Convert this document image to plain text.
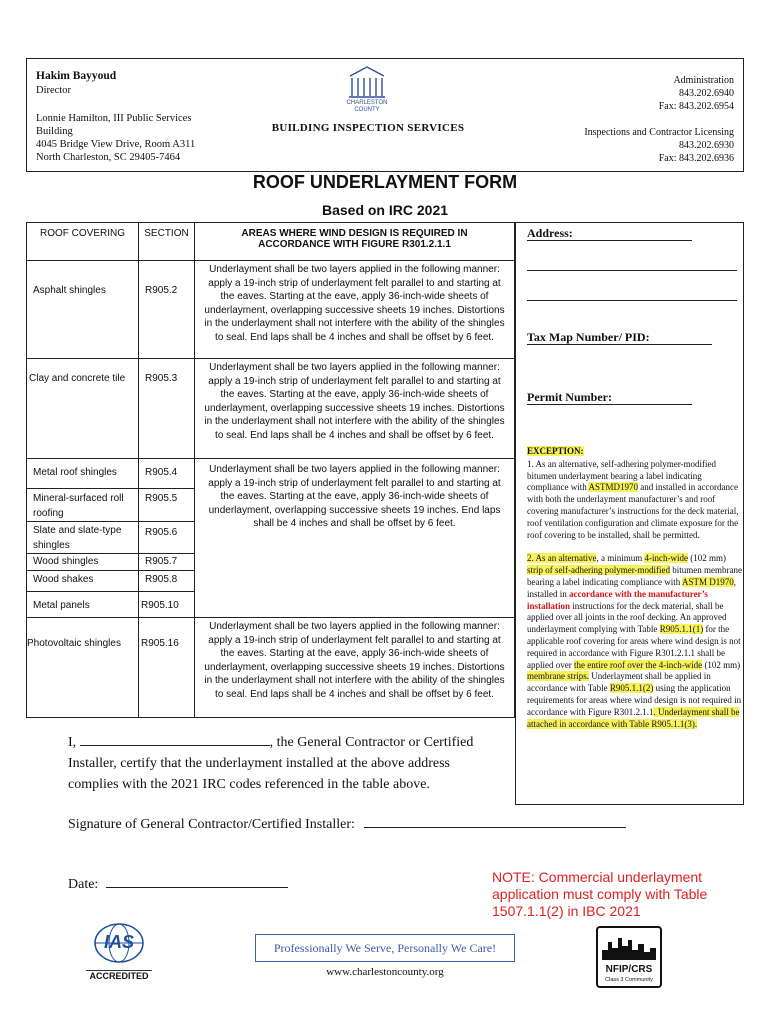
Hakim Bayyoud
Director
Lonnie Hamilton, III Public Services
Building
4045 Bridge View Drive, Room A311
North Charleston, SC 29405-7464
CHARLESTON COUNTY
BUILDING INSPECTION SERVICES
Administration
843.202.6940
Fax: 843.202.6954

Inspections and Contractor Licensing
843.202.6930
Fax: 843.202.6936
ROOF UNDERLAYMENT FORM
Based on IRC 2021
ROOF COVERING	SECTION	AREAS WHERE WIND DESIGN IS REQUIRED IN ACCORDANCE WITH FIGURE R301.2.1.1
Asphalt shingles	R905.2	Underlayment shall be two layers applied in the following manner: apply a 19-inch strip of underlayment felt parallel to and starting at the eaves. Starting at the eave, apply 36-inch-wide sheets of underlayment, overlapping successive sheets 19 inches. Distortions in the underlayment shall not interfere with the ability of the shingles to seal. End laps shall be 4 inches and shall be offset by 6 feet.
Clay and concrete tile	R905.3	Underlayment shall be two layers applied in the following manner: apply a 19-inch strip of underlayment felt parallel to and starting at the eaves. Starting at the eave, apply 36-inch-wide sheets of underlayment, overlapping successive sheets 19 inches. Distortions in the underlayment shall not interfere with the ability of the shingles to seal. End laps shall be 4 inches and shall be offset by 6 feet.
Metal roof shingles	R905.4	Underlayment shall be two layers applied in the following manner: apply a 19-inch strip of underlayment felt parallel to and starting at the eaves. Starting at the eave, apply 36-inch-wide sheets of underlayment, overlapping successive sheets 19 inches. End laps shall be 4 inches and shall be offset by 6 feet.
Mineral-surfaced roll roofing	R905.5	
Slate and slate-type shingles	R905.6	
Wood shingles	R905.7	
Wood shakes	R905.8	
Metal panels	R905.10	
Photovoltaic shingles	R905.16	Underlayment shall be two layers applied in the following manner: apply a 19-inch strip of underlayment felt parallel to and starting at the eaves. Starting at the eave, apply 36-inch-wide sheets of underlayment, overlapping successive sheets 19 inches. Distortions in the underlayment shall not interfere with the ability of the shingles to seal. End laps shall be 4 inches and shall be offset by 6 feet.
Address:
Tax Map Number/ PID:
Permit Number:
EXCEPTION:
1. As an alternative, self-adhering polymer-modified bitumen underlayment bearing a label indicating compliance with ASTMD1970 and installed in accordance with both the underlayment manufacturer’s and roof covering manufacturer’s instructions for the deck material, roof ventilation configuration and climate exposure for the roof covering to be installed, shall be permitted.
2. As an alternative, a minimum 4-inch-wide (102 mm) strip of self-adhering polymer-modified bitumen membrane bearing a label indicating compliance with ASTM D1970, installed in accordance with the manufacturer’s installation instructions for the deck material, shall be applied over all joints in the roof decking. An approved underlayment complying with Table R905.1.1(1) for the applicable roof covering for areas where wind design is not required in accordance with Figure R301.2.1.1 shall be applied over the entire roof over the 4-inch-wide (102 mm) membrane strips. Underlayment shall be applied in accordance with Table R905.1.1(2) using the application requirements for areas where wind design is not required in accordance with Figure R301.2.1.1. Underlayment shall be attached in accordance with Table R905.1.1(3).
I,	, the General Contractor or Certified Installer, certify that the underlayment installed at the above address complies with the 2021 IRC codes referenced in the table above.
Signature of General Contractor/Certified Installer:
Date:	NOTE: Commercial underlayment application must comply with Table 1507.1.1(2) in IBC 2021
IAS
ACCREDITED
Professionally We Serve, Personally We Care!
www.charlestoncounty.org	NFIP/CRS
Class 3 Community
